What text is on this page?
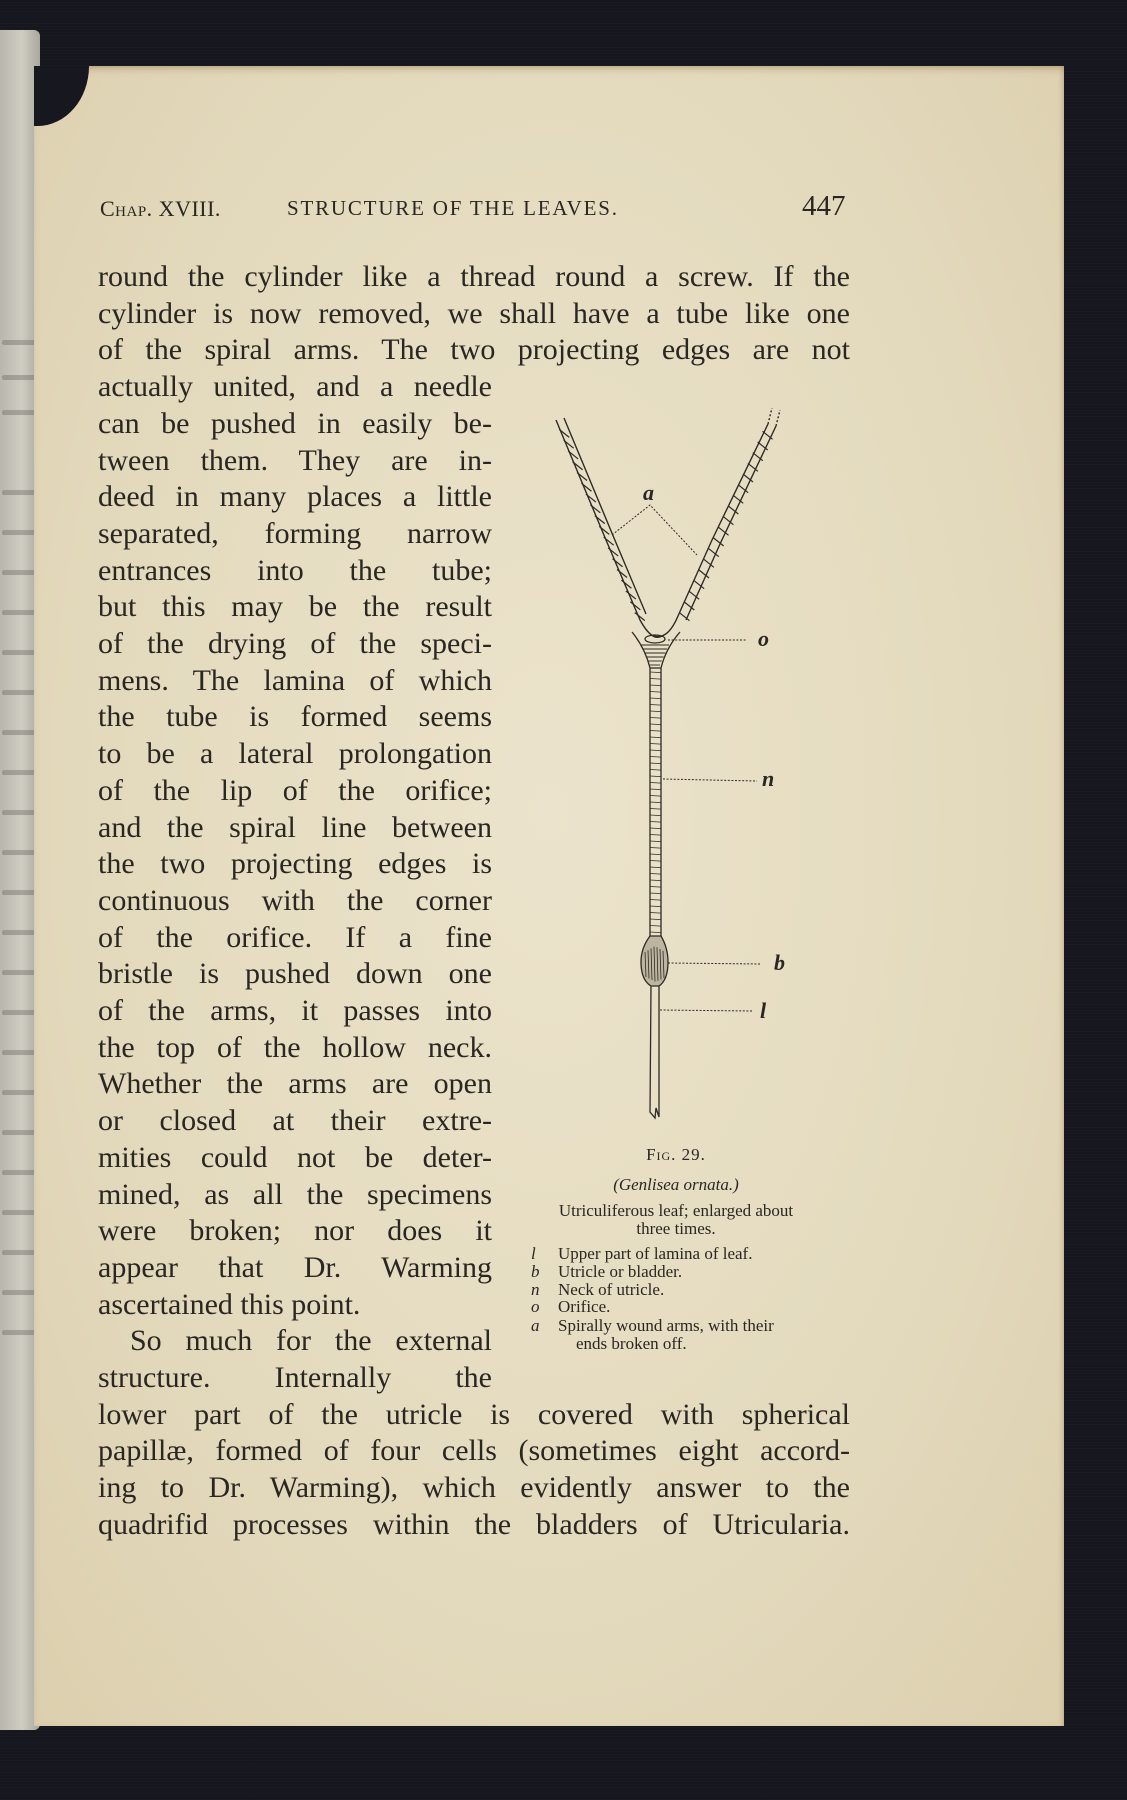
Chap. XVIII.	STRUCTURE OF THE LEAVES.	447
round the cylinder like a thread round a screw. If the
cylinder is now removed, we shall have a tube like one
of the spiral arms. The two projecting edges are not
actually united, and a needle
can be pushed in easily be-
tween them. They are in-
deed in many places a little
separated, forming narrow
entrances into the tube;
but this may be the result
of the drying of the speci-
mens. The lamina of which
the tube is formed seems
to be a lateral prolongation
of the lip of the orifice;
and the spiral line between
the two projecting edges is
continuous with the corner
of the orifice. If a fine
bristle is pushed down one
of the arms, it passes into
the top of the hollow neck.
Whether the arms are open
or closed at their extre-
mities could not be deter-
mined, as all the specimens
were broken; nor does it
appear that Dr. Warming
ascertained this point.
So much for the external
structure. Internally the
lower part of the utricle is covered with spherical
papillæ, formed of four cells (sometimes eight accord-
ing to Dr. Warming), which evidently answer to the
quadrifid processes within the bladders of Utricularia.
a
o
n
b
l
Fig. 29.
(Genlisea ornata.)
Utriculiferous leaf; enlarged about
three times.
l Upper part of lamina of leaf.
b Utricle or bladder.
n Neck of utricle.
o Orifice.
a Spirally wound arms, with their
ends broken off.
